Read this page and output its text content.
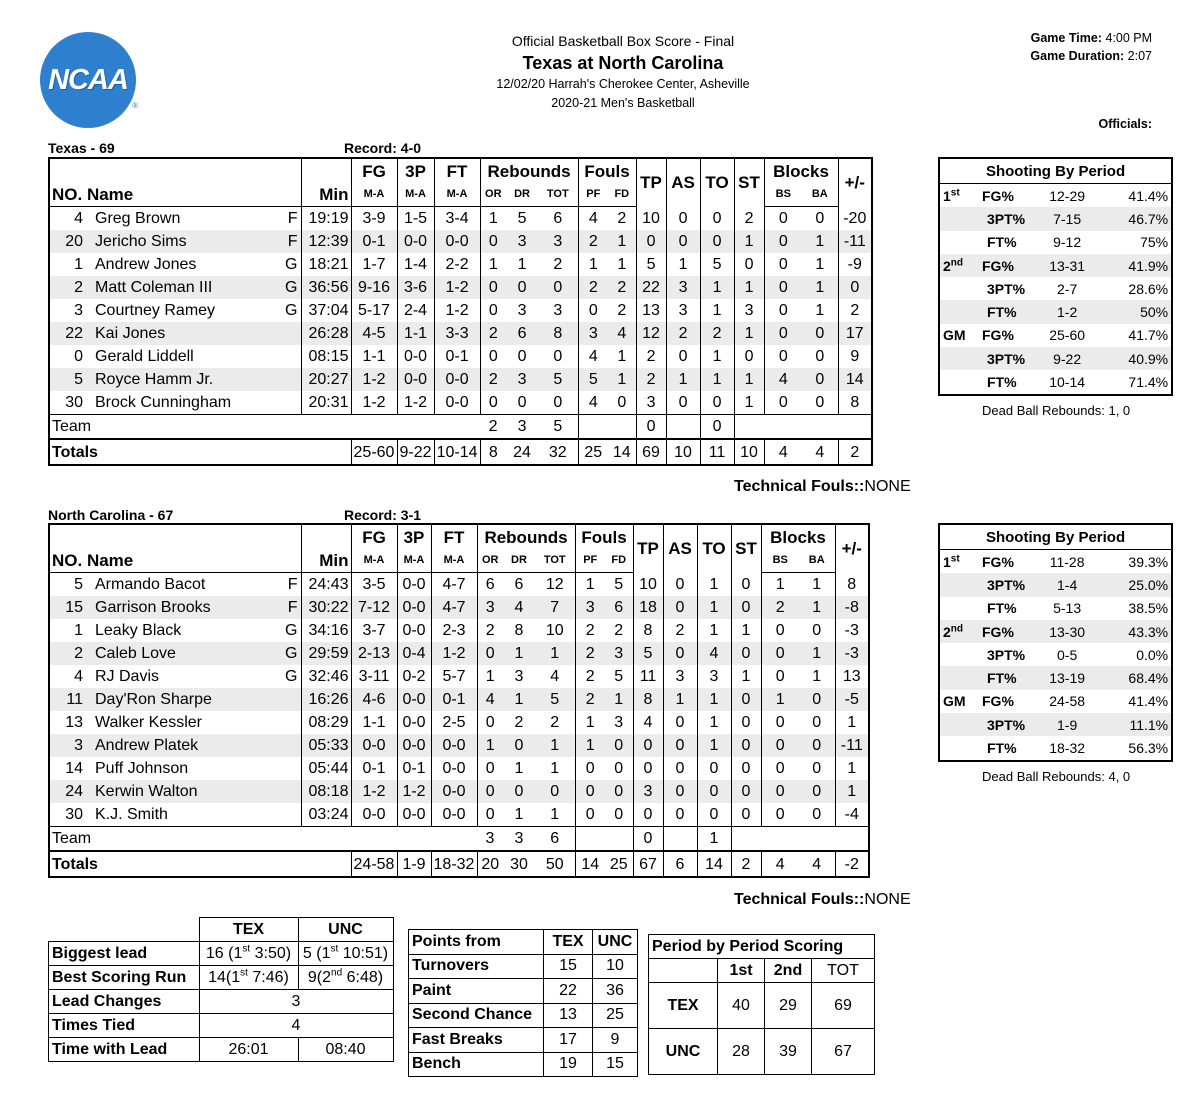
NCAA
®
Official Basketball Box Score - Final
Texas at North Carolina
12/02/20 Harrah's Cherokee Center, Asheville
2020-21 Men's Basketball
Game Time: 4:00 PM
Game Duration: 2:07
Officials:
Texas - 69	Record: 4-0
			FG	3P	FT	Rebounds			Fouls		TP	AS	TO	ST	Blocks		+/-
NO. Name		Min	M-A	M-A	M-A	OR	DR	TOT	PF	FD					BS	BA	
4	Greg Brown F	19:19	3-9	1-5	3-4	1	5	6	4	2	10	0	0	2	0	0	-20
20	Jericho Sims F	12:39	0-1	0-0	0-0	0	3	3	2	1	0	0	0	1	0	1	-11
1	Andrew Jones G	18:21	1-7	1-4	2-2	1	1	2	1	1	5	1	5	0	0	1	-9
2	Matt Coleman III G	36:56	9-16	3-6	1-2	0	0	0	2	2	22	3	1	1	0	1	0
3	Courtney Ramey G	37:04	5-17	2-4	1-2	0	3	3	0	2	13	3	1	3	0	1	2
22	Kai Jones	26:28	4-5	1-1	3-3	2	6	8	3	4	12	2	2	1	0	0	17
0	Gerald Liddell	08:15	1-1	0-0	0-1	0	0	0	4	1	2	0	1	0	0	0	9
5	Royce Hamm Jr.	20:27	1-2	0-0	0-0	2	3	5	5	1	2	1	1	1	4	0	14
30	Brock Cunningham	20:31	1-2	1-2	0-0	0	0	0	4	0	3	0	0	1	0	0	8
Team						2	3	5			0		0				
Totals			25-60	9-22	10-14	8	24	32	25	14	69	10	11	10	4	4	2
Shooting By Period			
1st	FG%	12-29	41.4%
	3PT%	7-15	46.7%
	FT%	9-12	75%
2nd	FG%	13-31	41.9%
	3PT%	2-7	28.6%
	FT%	1-2	50%
GM	FG%	25-60	41.7%
	3PT%	9-22	40.9%
	FT%	10-14	71.4%
Dead Ball Rebounds: 1, 0
Technical Fouls::NONE
North Carolina - 67	Record: 3-1
			FG	3P	FT	Rebounds			Fouls		TP	AS	TO	ST	Blocks		+/-
NO. Name		Min	M-A	M-A	M-A	OR	DR	TOT	PF	FD					BS	BA	
5	Armando Bacot F	24:43	3-5	0-0	4-7	6	6	12	1	5	10	0	1	0	1	1	8
15	Garrison Brooks F	30:22	7-12	0-0	4-7	3	4	7	3	6	18	0	1	0	2	1	-8
1	Leaky Black G	34:16	3-7	0-0	2-3	2	8	10	2	2	8	2	1	1	0	0	-3
2	Caleb Love G	29:59	2-13	0-4	1-2	0	1	1	2	3	5	0	4	0	0	1	-3
4	RJ Davis G	32:46	3-11	0-2	5-7	1	3	4	2	5	11	3	3	1	0	1	13
11	Day'Ron Sharpe	16:26	4-6	0-0	0-1	4	1	5	2	1	8	1	1	0	1	0	-5
13	Walker Kessler	08:29	1-1	0-0	2-5	0	2	2	1	3	4	0	1	0	0	0	1
3	Andrew Platek	05:33	0-0	0-0	0-0	1	0	1	1	0	0	0	1	0	0	0	-11
14	Puff Johnson	05:44	0-1	0-1	0-0	0	1	1	0	0	0	0	0	0	0	0	1
24	Kerwin Walton	08:18	1-2	1-2	0-0	0	0	0	0	0	3	0	0	0	0	0	1
30	K.J. Smith	03:24	0-0	0-0	0-0	0	1	1	0	0	0	0	0	0	0	0	-4
Team						3	3	6			0		1				
Totals			24-58	1-9	18-32	20	30	50	14	25	67	6	14	2	4	4	-2
Shooting By Period			
1st	FG%	11-28	39.3%
	3PT%	1-4	25.0%
	FT%	5-13	38.5%
2nd	FG%	13-30	43.3%
	3PT%	0-5	0.0%
	FT%	13-19	68.4%
GM	FG%	24-58	41.4%
	3PT%	1-9	11.1%
	FT%	18-32	56.3%
Dead Ball Rebounds: 4, 0
Technical Fouls::NONE
	TEX	UNC
Biggest lead	16 (1st 3:50)	5 (1st 10:51)
Best Scoring Run	14(1st 7:46)	9(2nd 6:48)
Lead Changes	3	
Times Tied	4	
Time with Lead	26:01	08:40
Points from	TEX	UNC
Turnovers	15	10
Paint	22	36
Second Chance	13	25
Fast Breaks	17	9
Bench	19	15
Period by Period Scoring			
	1st	2nd	TOT
TEX	40	29	69
UNC	28	39	67
